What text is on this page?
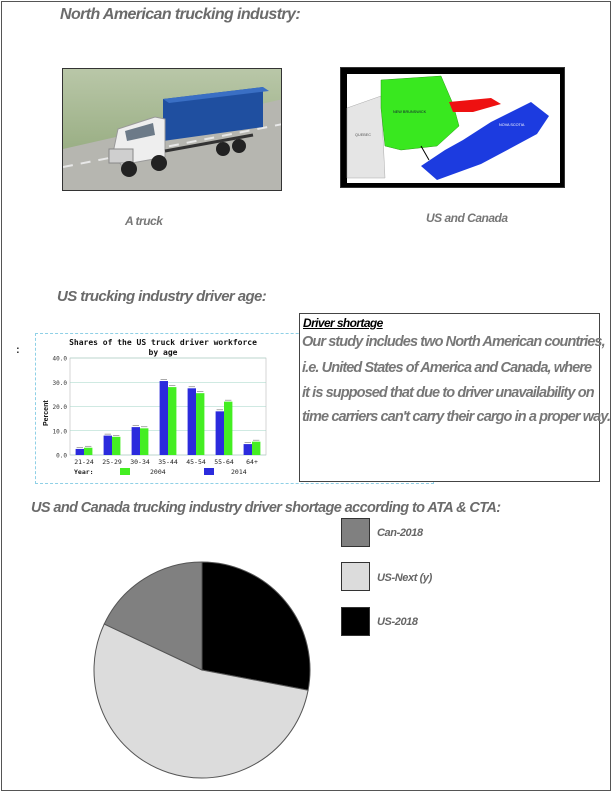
North American trucking industry:
QUEBEC
NEW BRUNSWICK
NOVA SCOTIA
A truck	US and Canada
US trucking industry driver age:
:
Shares of the US truck driver workforce
by age
Percent
0.0
10.0
20.0
30.0
40.0
21-24 25-29 30-34 35-44 45-54 55-64 64+
Year:	2004	2014
Driver shortage
Our study includes two North American countries,
i.e. United States of America and Canada, where
it is supposed that due to driver unavailability on
time carriers can't carry their cargo in a proper way.
US and Canada trucking industry driver shortage according to ATA & CTA:
Can-2018
US-Next (y)
US-2018
